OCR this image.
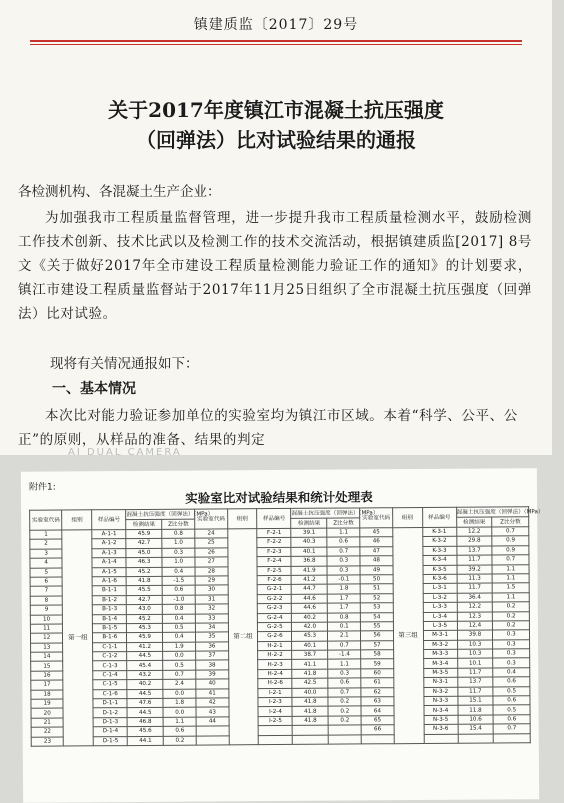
镇建质监〔2017〕29号
关于2017年度镇江市混凝土抗压强度
（回弹法）比对试验结果的通报
各检测机构、各混凝土生产企业：
为加强我市工程质量监督管理，进一步提升我市工程质量检测水平，鼓励检测工作技术创新、技术比武以及检测工作的技术交流活动，根据镇建质监[2017] 8号文《关于做好2017年全市建设工程质量检测能力验证工作的通知》的计划要求，镇江市建设工程质量监督站于2017年11月25日组织了全市混凝土抗压强度（回弹法）比对试验。
现将有关情况通报如下：
一、基本情况
本次比对能力验证参加单位的实验室均为镇江市区域。本着“科学、公平、公正”的原则，从样品的准备、结果的判定
AI DUAL CAMERA
附件1:
实验室比对试验结果和统计处理表
实验室代码	组别	样品编号	混凝土抗压强度（回弹法）（MPa）		实验室代码	组别	样品编号	混凝土抗压强度（回弹法）（MPa）		实验室代码	组别	样品编号	混凝土抗压强度（回弹法）（MPa）	
			检测结果	Z比分数				检测结果	Z比分数				检测结果	Z比分数
1	第一组	A-1-1	45.9	0.8	24	第二组	F-2-1	39.1	1.1	45	第三组	K-3-1	12.2	0.7
2		A-1-2	42.7	1.0	25		F-2-2	40.3	0.6	46		K-3-2	29.8	0.9
3		A-1-3	45.0	0.3	26		F-2-3	40.1	0.7	47		K-3-3	13.7	0.9
4		A-1-4	46.3	1.0	27		F-2-4	36.8	0.3	48		K-3-4	11.7	0.7
5		A-1-5	45.2	0.4	28		F-2-5	41.9	0.3	49		K-3-5	39.2	1.1
6		A-1-6	41.8	-1.5	29		F-2-6	41.2	-0.1	50		K-3-6	11.3	1.1
7		B-1-1	45.5	0.6	30		G-2-1	44.7	1.8	51		L-3-1	11.7	1.5
8		B-1-2	42.7	-1.0	31		G-2-2	44.6	1.7	52		L-3-2	36.4	1.1
9		B-1-3	43.0	0.8	32		G-2-3	44.6	1.7	53		L-3-3	12.2	0.2
10		B-1-4	45.2	0.4	33		G-2-4	40.2	0.8	54		L-3-4	12.3	0.2
11		B-1-5	45.3	0.5	34		G-2-5	42.0	0.1	55		L-3-5	12.4	0.2
12		B-1-6	45.9	0.4	35		G-2-6	45.3	2.1	56		M-3-1	39.8	0.3
13		C-1-1	41.2	1.9	36		H-2-1	40.1	0.7	57		M-3-2	10.3	0.3
14		C-1-2	44.5	0.0	37		H-2-2	38.7	-1.4	58		M-3-3	10.3	0.3
15		C-1-3	45.4	0.5	38		H-2-3	41.1	1.1	59		M-3-4	10.1	0.3
16		C-1-4	43.2	0.7	39		H-2-4	41.8	0.3	60		M-3-5	11.7	0.4
17		C-1-5	40.2	2.4	40		H-2-6	42.5	0.6	61		N-3-1	13.7	0.6
18		C-1-6	44.5	0.0	41		I-2-1	40.0	0.7	62		N-3-2	11.7	0.5
19		D-1-1	47.6	1.8	42		I-2-3	41.8	0.2	63		N-3-3	15.1	0.6
20		D-1-2	44.5	0.0	43		I-2-4	41.8	0.2	64		N-3-4	11.8	0.5
21		D-1-3	46.8	1.1	44		I-2-5	41.8	0.2	65		N-3-5	10.6	0.6
22		D-1-4	45.6	0.6						66		N-3-6	15.4	0.7
23		D-1-5	44.1	0.2										
